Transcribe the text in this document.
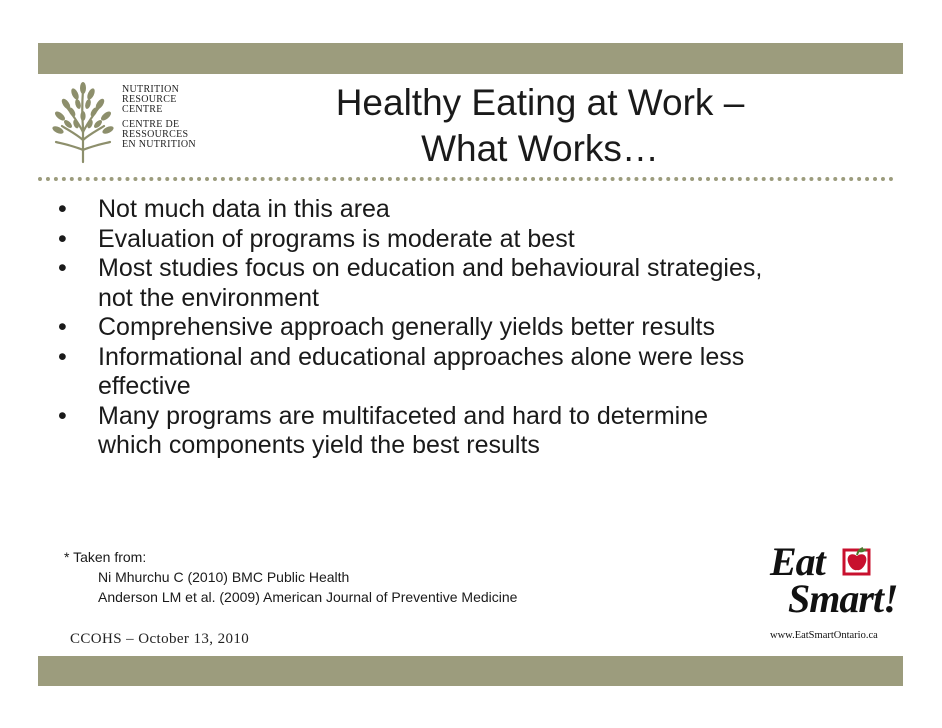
NUTRITION
RESOURCE
CENTRE
CENTRE DE
RESSOURCES
EN NUTRITION
Healthy Eating at Work –
What Works…
• Not much data in this area
• Evaluation of programs is moderate at best
• Most studies focus on education and behavioural strategies,
not the environment
• Comprehensive approach generally yields better results
• Informational and educational approaches alone were less
effective
• Many programs are multifaceted and hard to determine
which components yield the best results
* Taken from:
Ni Mhurchu C (2010) BMC Public Health
Anderson LM et al. (2009) American Journal of Preventive Medicine
CCOHS – October 13, 2010
Eat
Smart!
www.EatSmartOntario.ca
